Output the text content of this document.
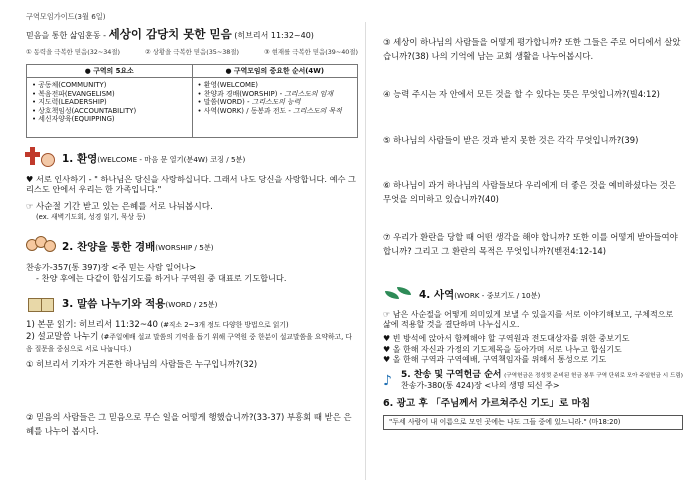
구역모임가이드(3월 6일)
믿음을 통한 삶임훈동 - 세상이 감당치 못한 믿음 (히브리서 11:32~40)
① 동력을 극복한 믿음(32~34절)	② 상황을 극복한 믿음(35~38절)	③ 현재를 극복한 믿음(39~40절)
● 구역의 5요소
• 공동체(COMMUNITY)
• 복음전파(EVANGELISM)
• 지도력(LEADERSHIP)
• 상호책임성(ACCOUNTABILITY)
• 세신자양육(EQUIPPING)
● 구역모임의 중요한 순서(4W)
• 환영(WELCOME)
• 찬양과 경배(WORSHIP) - 그리스도의 임재
• 말씀(WORD) - 그리스도의 능력
• 사역(WORK) / 동봉과 전도 - 그리스도의 목적
1. 환영(WELCOME - 마음 문 열기(분4W) 코징 / 5분)
♥ 서로 인사하기 - " 하나님은 당신을 사랑하십니다. 그래서 나도 당신을 사랑합니다. 예수 그리스도 안에서 우리는 한 가족입니다."
☞ 사순절 기간 받고 있는 은혜를 서로 나눠봅시다.
(ex. 새벽기도회, 성경 읽기, 묵상 등)
2. 찬양을 통한 경배(WORSHIP / 5분)
찬송가-357(통 397)장 <주 믿는 사람 일어나>
- 찬양 후에는 다같이 합심기도를 하거나 구역원 중 대표로 기도합니다.
3. 말씀 나누기와 적용(WORD / 25분)
1) 본문 읽기: 히브리서 11:32~40 (#직소 2~3개 정도 다양한 방법으로 읽기)
2) 설교말씀 나누기 (#주일예배 설교 말씀의 기억을 돕기 위해 구역원 중 한분이 설교말씀을 요약하고, 다음 질문을 중심으로 서로 나눕니다.)
① 히브리서 기자가 거론한 하나님의 사람들은 누구입니까?(32)
② 믿음의 사람들은 그 믿음으로 무슨 일을 어떻게 행했습니까?(33-37) 부흥회 때 받은 은혜를 나누어 봅시다.
③ 세상이 하나님의 사람들을 어떻게 평가합니까? 또한 그들은 주로 어디에서 살았습니까?(38) 나의 기억에 남는 교회 생활을 나누어봅시다.
④ 능력 주시는 자 안에서 모든 것을 할 수 있다는 뜻은 무엇입니까?(빌4:12)
⑤ 하나님의 사람들이 받은 것과 받지 못한 것은 각각 무엇입니까?(39)
⑥ 하나님이 과거 하나님의 사람들보다 우리에게 더 좋은 것을 예비하셨다는 것은 무엇을 의미하고 있습니까?(40)
⑦ 우리가 환란을 당할 때 어떤 생각을 해야 합니까? 또한 이를 어떻게 받아들여야 합니까? 그리고 그 환란의 목적은 무엇입니까?(벧전4:12-14)
4. 사역(WORK - 중보기도 / 10분)
☞ 남은 사순절을 어떻게 의미있게 보낼 수 있을지를 서로 이야기해보고, 구체적으로 삶에 적용할 것을 결단하며 나누십시오.
♥ 빈 방석에 앉아서 함께해야 할 구역원과 전도대상자를 위한 중보기도
♥ 올 한해 자신과 가정의 기도제목을 돌아가며 서로 나누고 합심기도
♥ 올 한해 구역과 구역예배, 구역책임자를 위해서 통성으로 기도
♪ 5. 찬송 및 구역헌금 순서 (구역헌금은 정성껏 준비된 헌금 봉투 구역 단위로 모아 주일헌금 시 드림)
찬송가-380(통 424)장 <나의 생명 되신 주>
6. 광고 후 「주님께서 가르쳐주신 기도」로 마침
"두세 사람이 내 이름으로 모인 곳에는 나도 그들 중에 있느니라." (마18:20)
